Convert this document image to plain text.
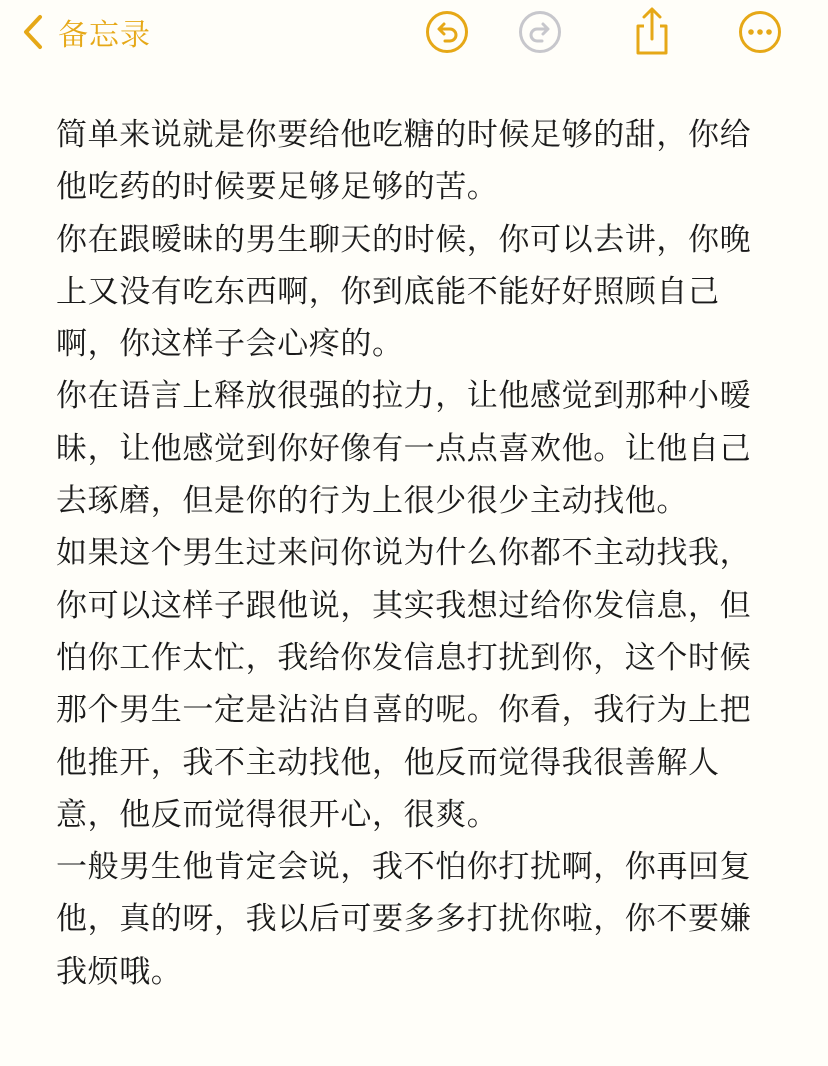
备忘录

简单来说就是你要给他吃糖的时候足够的甜，你给他吃药的时候要足够足够的苦。

你在跟暧昧的男生聊天的时候，你可以去讲，你晚上又没有吃东西啊，你到底能不能好好照顾自己啊，你这样子会心疼的。

你在语言上释放很强的拉力，让他感觉到那种小暧昧，让他感觉到你好像有一点点喜欢他。让他自己去琢磨，但是你的行为上很少很少主动找他。

如果这个男生过来问你说为什么你都不主动找我，你可以这样子跟他说，其实我想过给你发信息，但怕你工作太忙，我给你发信息打扰到你，这个时候那个男生一定是沾沾自喜的呢。你看，我行为上把他推开，我不主动找他，他反而觉得我很善解人意，他反而觉得很开心，很爽。

一般男生他肯定会说，我不怕你打扰啊，你再回复他，真的呀，我以后可要多多打扰你啦，你不要嫌我烦哦。
